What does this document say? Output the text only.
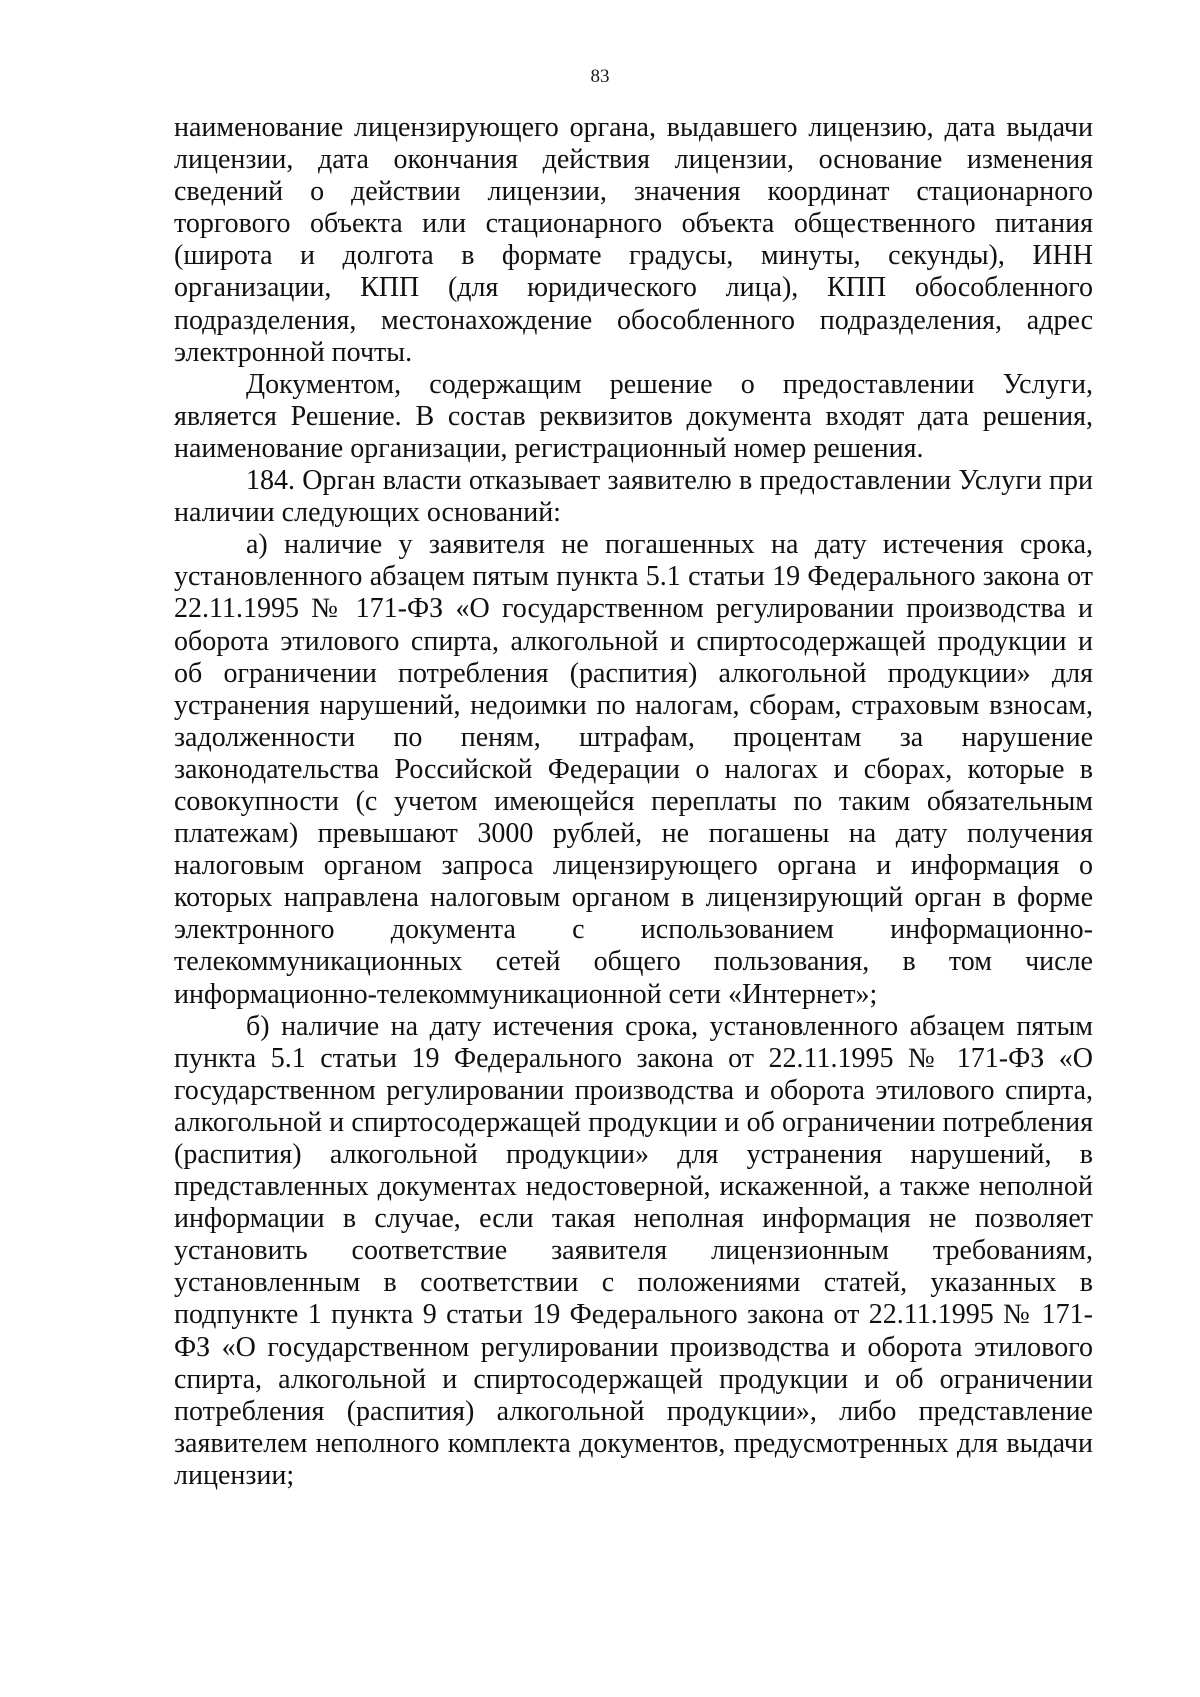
83

наименование лицензирующего органа, выдавшего лицензию, дата выдачи лицензии, дата окончания действия лицензии, основание изменения сведений о действии лицензии, значения координат стационарного торгового объекта или стационарного объекта общественного питания (широта и долгота в формате градусы, минуты, секунды), ИНН организации, КПП (для юридического лица), КПП обособленного подразделения, местонахождение обособленного подразделения, адрес электронной почты.

Документом, содержащим решение о предоставлении Услуги, является Решение. В состав реквизитов документа входят дата решения, наименование организации, регистрационный номер решения.

184. Орган власти отказывает заявителю в предоставлении Услуги при наличии следующих оснований:

а) наличие у заявителя не погашенных на дату истечения срока, установленного абзацем пятым пункта 5.1 статьи 19 Федерального закона от 22.11.1995 № 171-ФЗ «О государственном регулировании производства и оборота этилового спирта, алкогольной и спиртосодержащей продукции и об ограничении потребления (распития) алкогольной продукции» для устранения нарушений, недоимки по налогам, сборам, страховым взносам, задолженности по пеням, штрафам, процентам за нарушение законодательства Российской Федерации о налогах и сборах, которые в совокупности (с учетом имеющейся переплаты по таким обязательным платежам) превышают 3000 рублей, не погашены на дату получения налоговым органом запроса лицензирующего органа и информация о которых направлена налоговым органом в лицензирующий орган в форме электронного документа с использованием информационно-телекоммуникационных сетей общего пользования, в том числе информационно-телекоммуникационной сети «Интернет»;

б) наличие на дату истечения срока, установленного абзацем пятым пункта 5.1 статьи 19 Федерального закона от 22.11.1995 № 171-ФЗ «О государственном регулировании производства и оборота этилового спирта, алкогольной и спиртосодержащей продукции и об ограничении потребления (распития) алкогольной продукции» для устранения нарушений, в представленных документах недостоверной, искаженной, а также неполной информации в случае, если такая неполная информация не позволяет установить соответствие заявителя лицензионным требованиям, установленным в соответствии с положениями статей, указанных в подпункте 1 пункта 9 статьи 19 Федерального закона от 22.11.1995 № 171-ФЗ «О государственном регулировании производства и оборота этилового спирта, алкогольной и спиртосодержащей продукции и об ограничении потребления (распития) алкогольной продукции», либо представление заявителем неполного комплекта документов, предусмотренных для выдачи лицензии;
